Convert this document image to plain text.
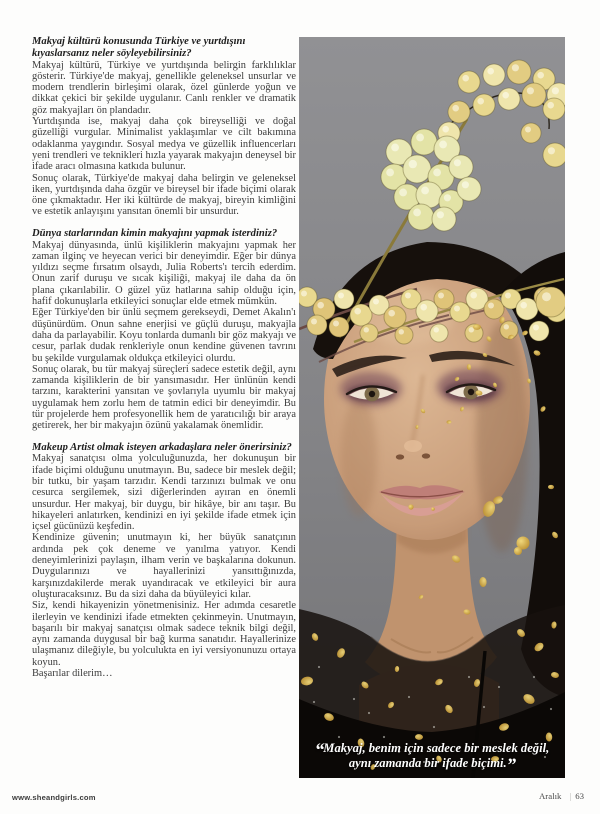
Makyaj kültürü konusunda Türkiye ve yurtdışını kıyaslarsanız neler söyleyebilirsiniz?

Makyaj kültürü, Türkiye ve yurtdışında belirgin farklılıklar gösterir. Türkiye'de makyaj, genellikle geleneksel unsurlar ve modern trendlerin birleşimi olarak, özel günlerde yoğun ve dikkat çekici bir şekilde uygulanır. Canlı renkler ve dramatik göz makyajları ön plandadır.

Yurtdışında ise, makyaj daha çok bireyselliği ve doğal güzelliği vurgular. Minimalist yaklaşımlar ve cilt bakımına odaklanma yaygındır. Sosyal medya ve güzellik influencerları yeni trendleri ve teknikleri hızla yayarak makyajın deneysel bir ifade aracı olmasına katkıda bulunur.

Sonuç olarak, Türkiye'de makyaj daha belirgin ve geleneksel iken, yurtdışında daha özgür ve bireysel bir ifade biçimi olarak öne çıkmaktadır. Her iki kültürde de makyaj, bireyin kimliğini ve estetik anlayışını yansıtan önemli bir unsurdur.

Dünya starlarından kimin makyajını yapmak isterdiniz?

Makyaj dünyasında, ünlü kişiliklerin makyajını yapmak her zaman ilginç ve heyecan verici bir deneyimdir. Eğer bir dünya yıldızı seçme fırsatım olsaydı, Julia Roberts'ı tercih ederdim. Onun zarif duruşu ve sıcak kişiliği, makyaj ile daha da ön plana çıkarılabilir. O güzel yüz hatlarına sahip olduğu için, hafif dokunuşlarla etkileyici sonuçlar elde etmek mümkün.

Eğer Türkiye'den bir ünlü seçmem gerekseydi, Demet Akalın'ı düşünürdüm. Onun sahne enerjisi ve güçlü duruşu, makyajla daha da parlayabilir. Koyu tonlarda dumanlı bir göz makyajı ve cesur, parlak dudak renkleriyle onun kendine güvenen tavrını bu şekilde vurgulamak oldukça etkileyici olurdu.

Sonuç olarak, bu tür makyaj süreçleri sadece estetik değil, aynı zamanda kişiliklerin de bir yansımasıdır. Her ünlünün kendi tarzını, karakterini yansıtan ve şovlarıyla uyumlu bir makyaj uygulamak hem zorlu hem de tatmin edici bir deneyimdir. Bu tür projelerde hem profesyonellik hem de yaratıcılığı bir araya getirerek, her bir makyajın özünü yakalamak önemlidir.

Makeup Artist olmak isteyen arkadaşlara neler önerirsiniz?

Makyaj sanatçısı olma yolculuğunuzda, her dokunuşun bir ifade biçimi olduğunu unutmayın. Bu, sadece bir meslek değil; bir tutku, bir yaşam tarzıdır. Kendi tarzınızı bulmak ve onu cesurca sergilemek, sizi diğerlerinden ayıran en önemli unsurdur. Her makyaj, bir duygu, bir hikâye, bir anı taşır. Bu hikayeleri anlatırken, kendinizi en iyi şekilde ifade etmek için içsel gücünüzü keşfedin.

Kendinize güvenin; unutmayın ki, her büyük sanatçının ardında pek çok deneme ve yanılma yatıyor. Kendi deneyimlerinizi paylaşın, ilham verin ve başkalarına dokunun. Duygularınızı ve hayallerinizi yansıttığınızda, karşınızdakilerde merak uyandıracak ve etkileyici bir aura oluşturacaksınız. Bu da sizi daha da büyüleyici kılar.

Siz, kendi hikayenizin yönetmenisiniz. Her adımda cesaretle ilerleyin ve kendinizi ifade etmekten çekinmeyin. Unutmayın, başarılı bir makyaj sanatçısı olmak sadece teknik bilgi değil, aynı zamanda duygusal bir bağ kurma sanatıdır. Hayallerinize ulaşmanız dileğiyle, bu yolculukta en iyi versiyonunuzu ortaya koyun.

Başarılar dilerim…

“Makyaj, benim için sadece bir meslek değil,
aynı zamanda bir ifade biçimi.”
www.sheandgirls.com	Aralık | 63
